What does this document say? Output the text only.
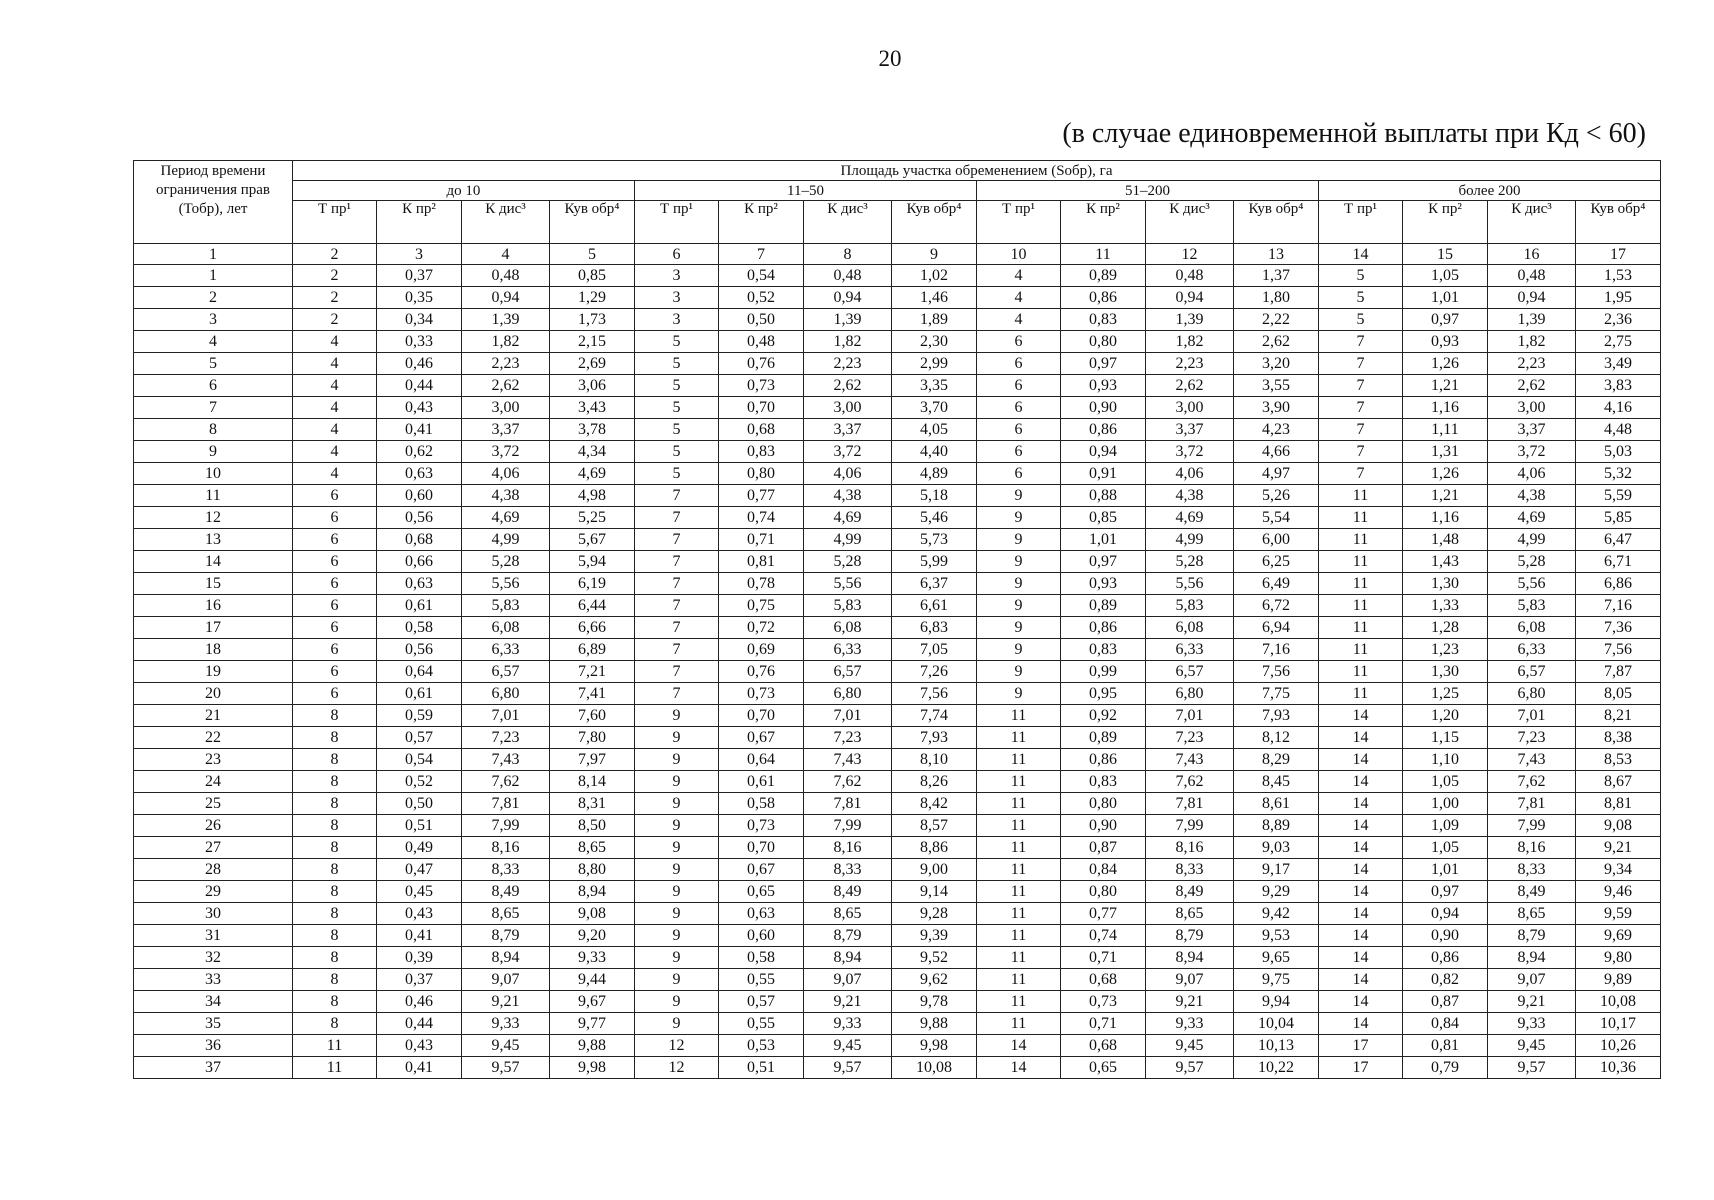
20
(в случае единовременной выплаты при Кд < 60)
Период времени ограничения прав (Тобр), лет	Площадь участка обременением (Sобр), га															
	до 10				11–50				51–200				более 200			
	Т пр¹	К пр²	К дис³	Кув обр⁴	Т пр¹	К пр²	К дис³	Кув обр⁴	Т пр¹	К пр²	К дис³	Кув обр⁴	Т пр¹	К пр²	К дис³	Кув обр⁴
1	2	3	4	5	6	7	8	9	10	11	12	13	14	15	16	17
1	2	0,37	0,48	0,85	3	0,54	0,48	1,02	4	0,89	0,48	1,37	5	1,05	0,48	1,53
2	2	0,35	0,94	1,29	3	0,52	0,94	1,46	4	0,86	0,94	1,80	5	1,01	0,94	1,95
3	2	0,34	1,39	1,73	3	0,50	1,39	1,89	4	0,83	1,39	2,22	5	0,97	1,39	2,36
4	4	0,33	1,82	2,15	5	0,48	1,82	2,30	6	0,80	1,82	2,62	7	0,93	1,82	2,75
5	4	0,46	2,23	2,69	5	0,76	2,23	2,99	6	0,97	2,23	3,20	7	1,26	2,23	3,49
6	4	0,44	2,62	3,06	5	0,73	2,62	3,35	6	0,93	2,62	3,55	7	1,21	2,62	3,83
7	4	0,43	3,00	3,43	5	0,70	3,00	3,70	6	0,90	3,00	3,90	7	1,16	3,00	4,16
8	4	0,41	3,37	3,78	5	0,68	3,37	4,05	6	0,86	3,37	4,23	7	1,11	3,37	4,48
9	4	0,62	3,72	4,34	5	0,83	3,72	4,40	6	0,94	3,72	4,66	7	1,31	3,72	5,03
10	4	0,63	4,06	4,69	5	0,80	4,06	4,89	6	0,91	4,06	4,97	7	1,26	4,06	5,32
11	6	0,60	4,38	4,98	7	0,77	4,38	5,18	9	0,88	4,38	5,26	11	1,21	4,38	5,59
12	6	0,56	4,69	5,25	7	0,74	4,69	5,46	9	0,85	4,69	5,54	11	1,16	4,69	5,85
13	6	0,68	4,99	5,67	7	0,71	4,99	5,73	9	1,01	4,99	6,00	11	1,48	4,99	6,47
14	6	0,66	5,28	5,94	7	0,81	5,28	5,99	9	0,97	5,28	6,25	11	1,43	5,28	6,71
15	6	0,63	5,56	6,19	7	0,78	5,56	6,37	9	0,93	5,56	6,49	11	1,30	5,56	6,86
16	6	0,61	5,83	6,44	7	0,75	5,83	6,61	9	0,89	5,83	6,72	11	1,33	5,83	7,16
17	6	0,58	6,08	6,66	7	0,72	6,08	6,83	9	0,86	6,08	6,94	11	1,28	6,08	7,36
18	6	0,56	6,33	6,89	7	0,69	6,33	7,05	9	0,83	6,33	7,16	11	1,23	6,33	7,56
19	6	0,64	6,57	7,21	7	0,76	6,57	7,26	9	0,99	6,57	7,56	11	1,30	6,57	7,87
20	6	0,61	6,80	7,41	7	0,73	6,80	7,56	9	0,95	6,80	7,75	11	1,25	6,80	8,05
21	8	0,59	7,01	7,60	9	0,70	7,01	7,74	11	0,92	7,01	7,93	14	1,20	7,01	8,21
22	8	0,57	7,23	7,80	9	0,67	7,23	7,93	11	0,89	7,23	8,12	14	1,15	7,23	8,38
23	8	0,54	7,43	7,97	9	0,64	7,43	8,10	11	0,86	7,43	8,29	14	1,10	7,43	8,53
24	8	0,52	7,62	8,14	9	0,61	7,62	8,26	11	0,83	7,62	8,45	14	1,05	7,62	8,67
25	8	0,50	7,81	8,31	9	0,58	7,81	8,42	11	0,80	7,81	8,61	14	1,00	7,81	8,81
26	8	0,51	7,99	8,50	9	0,73	7,99	8,57	11	0,90	7,99	8,89	14	1,09	7,99	9,08
27	8	0,49	8,16	8,65	9	0,70	8,16	8,86	11	0,87	8,16	9,03	14	1,05	8,16	9,21
28	8	0,47	8,33	8,80	9	0,67	8,33	9,00	11	0,84	8,33	9,17	14	1,01	8,33	9,34
29	8	0,45	8,49	8,94	9	0,65	8,49	9,14	11	0,80	8,49	9,29	14	0,97	8,49	9,46
30	8	0,43	8,65	9,08	9	0,63	8,65	9,28	11	0,77	8,65	9,42	14	0,94	8,65	9,59
31	8	0,41	8,79	9,20	9	0,60	8,79	9,39	11	0,74	8,79	9,53	14	0,90	8,79	9,69
32	8	0,39	8,94	9,33	9	0,58	8,94	9,52	11	0,71	8,94	9,65	14	0,86	8,94	9,80
33	8	0,37	9,07	9,44	9	0,55	9,07	9,62	11	0,68	9,07	9,75	14	0,82	9,07	9,89
34	8	0,46	9,21	9,67	9	0,57	9,21	9,78	11	0,73	9,21	9,94	14	0,87	9,21	10,08
35	8	0,44	9,33	9,77	9	0,55	9,33	9,88	11	0,71	9,33	10,04	14	0,84	9,33	10,17
36	11	0,43	9,45	9,88	12	0,53	9,45	9,98	14	0,68	9,45	10,13	17	0,81	9,45	10,26
37	11	0,41	9,57	9,98	12	0,51	9,57	10,08	14	0,65	9,57	10,22	17	0,79	9,57	10,36
